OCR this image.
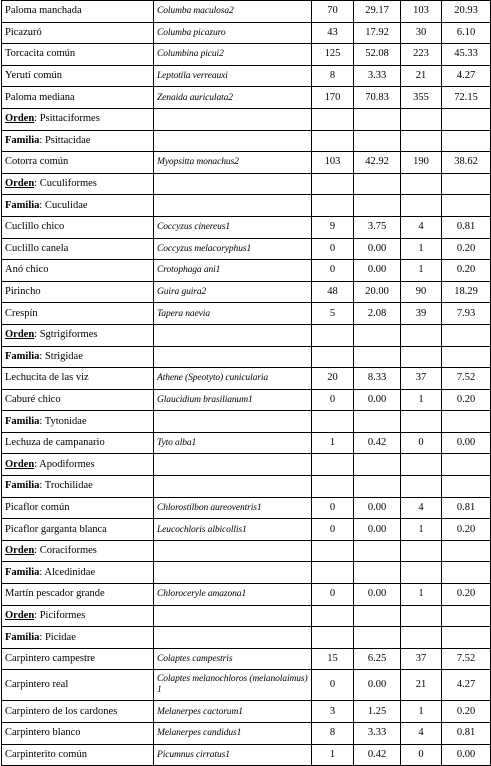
Paloma manchada	Columba maculosa2	70	29.17	103	20.93
Picazuró	Columba picazuro	43	17.92	30	6.10
Torcacita común	Columbina picui2	125	52.08	223	45.33
Yerutí común	Leptotila verreauxi	8	3.33	21	4.27
Paloma mediana	Zenaida auriculata2	170	70.83	355	72.15
Orden: Psittaciformes					
Familia: Psittacidae					
Cotorra común	Myopsitta monachus2	103	42.92	190	38.62
Orden: Cuculiformes					
Familia: Cuculidae					
Cuclillo chico	Coccyzus cinereus1	9	3.75	4	0.81
Cuclillo canela	Coccyzus melacoryphus1	0	0.00	1	0.20
Anó chico	Crotophaga ani1	0	0.00	1	0.20
Pirincho	Guira guira2	48	20.00	90	18.29
Crespín	Tapera naevia	5	2.08	39	7.93
Orden: Sgtrigiformes					
Familia: Strigidae					
Lechucita de las viz	Athene (Speotyto) cunicularia	20	8.33	37	7.52
Caburé chico	Glaucidium brasilianum1	0	0.00	1	0.20
Familia: Tytonidae					
Lechuza de campanario	Tyto alba1	1	0.42	0	0.00
Orden: Apodiformes					
Familia: Trochilidae					
Picaflor común	Chlorostilbon aureoventris1	0	0.00	4	0.81
Picaflor garganta blanca	Leucochloris albicollis1	0	0.00	1	0.20
Orden: Coraciformes					
Familia: Alcedinidae					
Martín pescador grande	Chloroceryle amazona1	0	0.00	1	0.20
Orden: Piciformes					
Familia: Picidae					
Carpintero campestre	Colaptes campestris	15	6.25	37	7.52
Carpintero real	Colaptes melanochloros (melanolaimus) 1	0	0.00	21	4.27
Carpintero de los cardones	Melanerpes cactorum1	3	1.25	1	0.20
Carpintero blanco	Melanerpes candidus1	8	3.33	4	0.81
Carpinterito común	Picumnus cirratus1	1	0.42	0	0.00
